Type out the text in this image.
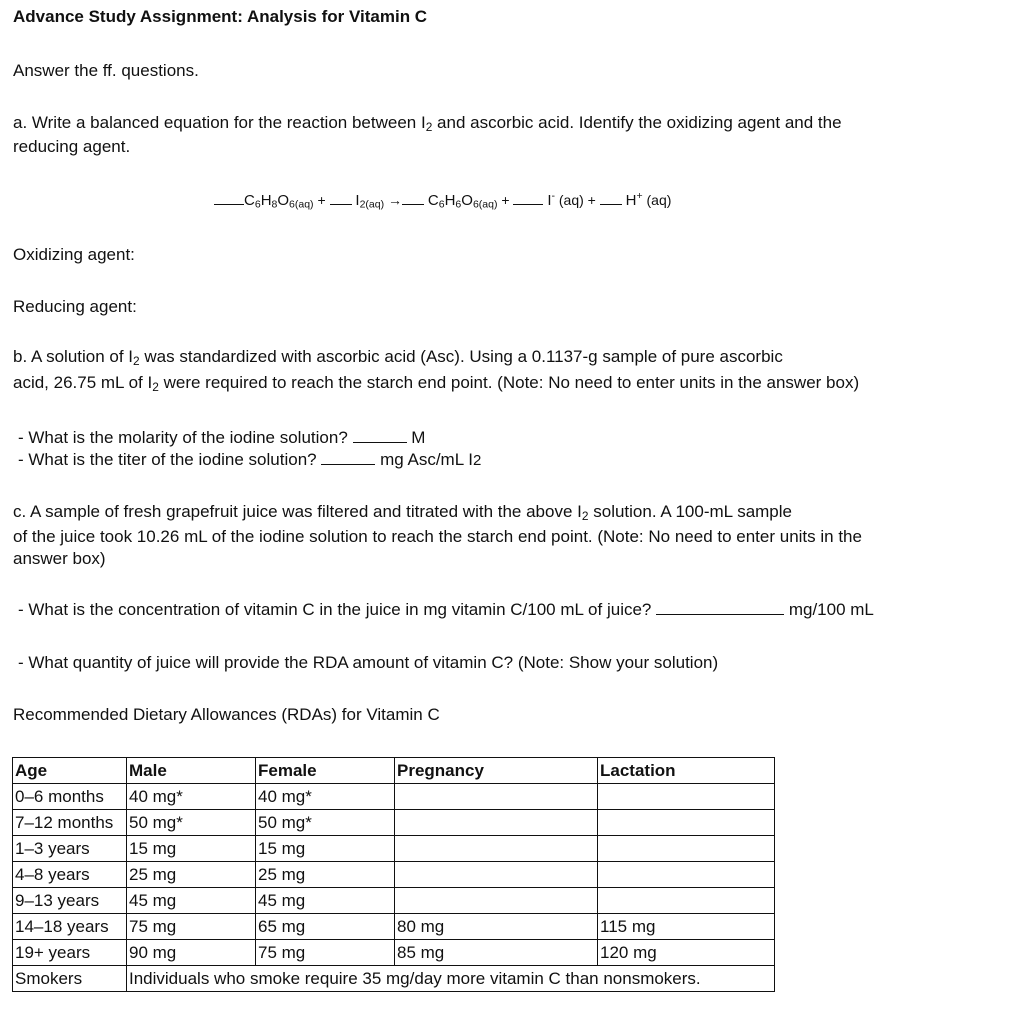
Advance Study Assignment: Analysis for Vitamin C
Answer the ff. questions.
a. Write a balanced equation for the reaction between $I_2$ and ascorbic acid. Identify the oxidizing agent and the
reducing agent.
$C_6H_8O_{6(aq)} + I_{2(aq)} \to C_6H_6O_{6(aq)} + I^-$ (aq) +  H+ (aq)
Oxidizing agent:
Reducing agent:
b. A solution of $I_2$ was standardized with ascorbic acid (Asc). Using a 0.1137-g sample of pure ascorbic
acid, 26.75 mL of $I_2$ were required to reach the starch end point. (Note: No need to enter units in the answer box)
- What is the molarity of the iodine solution?	M
- What is the titer of the iodine solution?	mg Asc/mL I2
c. A sample of fresh grapefruit juice was filtered and titrated with the above $I_2$ solution. A 100-mL sample
of the juice took 10.26 mL of the iodine solution to reach the starch end point. (Note: No need to enter units in the
answer box)
- What is the concentration of vitamin C in the juice in mg vitamin C/100 mL of juice?	mg/100 mL
- What quantity of juice will provide the RDA amount of vitamin C? (Note: Show your solution)
Recommended Dietary Allowances (RDAs) for Vitamin C
Age	Male	Female	Pregnancy	Lactation
0–6 months	40 mg*	40 mg*		
7–12 months	50 mg*	50 mg*		
1–3 years	15 mg	15 mg		
4–8 years	25 mg	25 mg		
9–13 years	45 mg	45 mg		
14–18 years	75 mg	65 mg	80 mg	115 mg
19+ years	90 mg	75 mg	85 mg	120 mg
Smokers	Individuals who smoke require 35 mg/day more vitamin C than nonsmokers.			
